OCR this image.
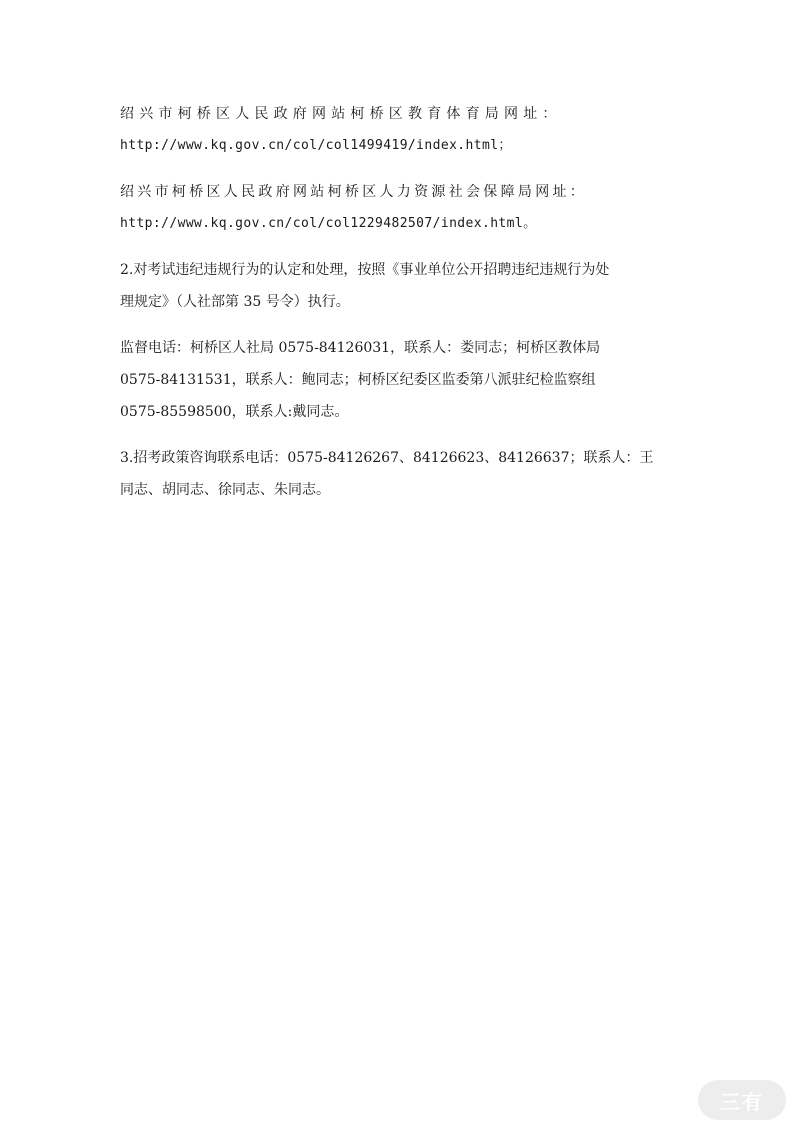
绍兴市柯桥区人民政府网站柯桥区教育体育局网址：
http://www.kq.gov.cn/col/col1499419/index.html；

绍兴市柯桥区人民政府网站柯桥区人力资源社会保障局网址：
http://www.kq.gov.cn/col/col1229482507/index.html。

2.对考试违纪违规行为的认定和处理，按照《事业单位公开招聘违纪违规行为处
理规定》（人社部第 35 号令）执行。

监督电话：柯桥区人社局 0575-84126031，联系人：娄同志；柯桥区教体局
0575-84131531，联系人：鲍同志；柯桥区纪委区监委第八派驻纪检监察组
0575-85598500，联系人:戴同志。

3.招考政策咨询联系电话：0575-84126267、84126623、84126637；联系人：王
同志、胡同志、徐同志、朱同志。

三有
